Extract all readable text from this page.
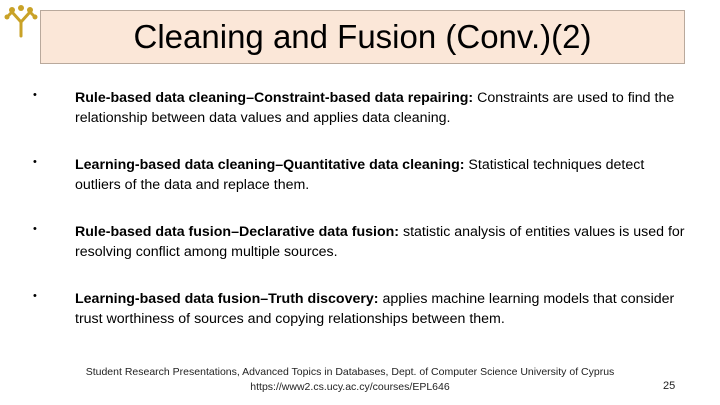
Cleaning and Fusion (Conv.)(2)
•	Rule-based data cleaning–Constraint-based data repairing: Constraints are used to find the relationship between data values and applies data cleaning.
•	Learning-based data cleaning–Quantitative data cleaning: Statistical techniques detect outliers of the data and replace them.
•	Rule-based data fusion–Declarative data fusion: statistic analysis of entities values is used for resolving conflict among multiple sources.
•	Learning-based data fusion–Truth discovery: applies machine learning models that consider trust worthiness of sources and copying relationships between them.
Student Research Presentations, Advanced Topics in Databases, Dept. of Computer Science University of Cyprus
https://www2.cs.ucy.ac.cy/courses/EPL646	25
